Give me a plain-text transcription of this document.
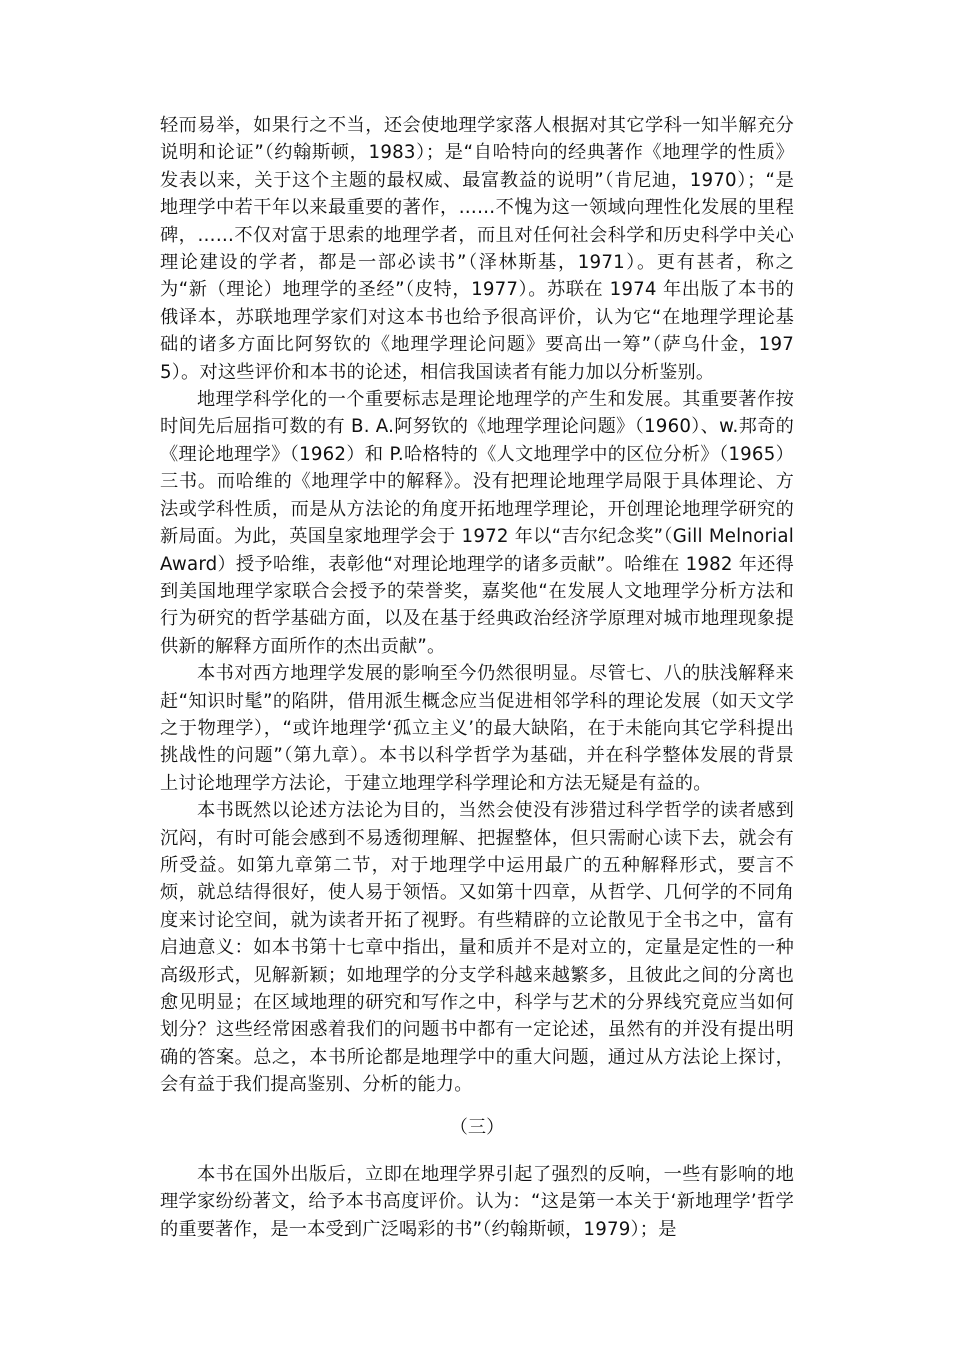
轻而易举，如果行之不当，还会使地理学家落人根据对其它学科一知半解充分说明和论证”（约翰斯顿，1983）；是“自哈特向的经典著作《地理学的性质》发表以来，关于这个主题的最权威、最富教益的说明”（肯尼迪，1970）；“是地理学中若干年以来最重要的著作，……不愧为这一领域向理性化发展的里程碑，……不仅对富于思索的地理学者，而且对任何社会科学和历史科学中关心理论建设的学者，都是一部必读书”（泽林斯基，1971）。更有甚者，称之为“新（理论）地理学的圣经”（皮特，1977）。苏联在 1974 年出版了本书的俄译本，苏联地理学家们对这本书也给予很高评价，认为它“在地理学理论基础的诸多方面比阿努钦的《地理学理论问题》要高出一筹”（萨乌什金，1975）。对这些评价和本书的论述，相信我国读者有能力加以分析鉴别。

地理学科学化的一个重要标志是理论地理学的产生和发展。其重要著作按时间先后屈指可数的有 B. A.阿努钦的《地理学理论问题》（1960）、w.邦奇的《理论地理学》（1962）和 P.哈格特的《人文地理学中的区位分析》（1965）三书。而哈维的《地理学中的解释》。没有把理论地理学局限于具体理论、方法或学科性质，而是从方法论的角度开拓地理学理论，开创理论地理学研究的新局面。为此，英国皇家地理学会于 1972 年以“吉尔纪念奖”（Gill MelnorialAward）授予哈维，表彰他“对理论地理学的诸多贡献”。哈维在 1982 年还得到美国地理学家联合会授予的荣誉奖，嘉奖他“在发展人文地理学分析方法和行为研究的哲学基础方面，以及在基于经典政治经济学原理对城市地理现象提供新的解释方面所作的杰出贡献”。

本书对西方地理学发展的影响至今仍然很明显。尽管七、八的肤浅解释来赶“知识时髦”的陷阱，借用派生概念应当促进相邻学科的理论发展（如天文学之于物理学），“或许地理学‘孤立主义’的最大缺陷，在于未能向其它学科提出挑战性的问题”（第九章）。本书以科学哲学为基础，并在科学整体发展的背景上讨论地理学方法论，于建立地理学科学理论和方法无疑是有益的。

本书既然以论述方法论为目的，当然会使没有涉猎过科学哲学的读者感到沉闷，有时可能会感到不易透彻理解、把握整体，但只需耐心读下去，就会有所受益。如第九章第二节，对于地理学中运用最广的五种解释形式，要言不烦，就总结得很好，使人易于领悟。又如第十四章，从哲学、几何学的不同角度来讨论空间，就为读者开拓了视野。有些精辟的立论散见于全书之中，富有启迪意义：如本书第十七章中指出，量和质并不是对立的，定量是定性的一种高级形式，见解新颖；如地理学的分支学科越来越繁多，且彼此之间的分离也愈见明显；在区域地理的研究和写作之中，科学与艺术的分界线究竟应当如何划分？这些经常困惑着我们的问题书中都有一定论述，虽然有的并没有提出明确的答案。总之，本书所论都是地理学中的重大问题，通过从方法论上探讨，会有益于我们提高鉴别、分析的能力。

（三）

本书在国外出版后，立即在地理学界引起了强烈的反响，一些有影响的地理学家纷纷著文，给予本书高度评价。认为：“这是第一本关于‘新地理学’哲学的重要著作，是一本受到广泛喝彩的书”（约翰斯顿，1979）；是
